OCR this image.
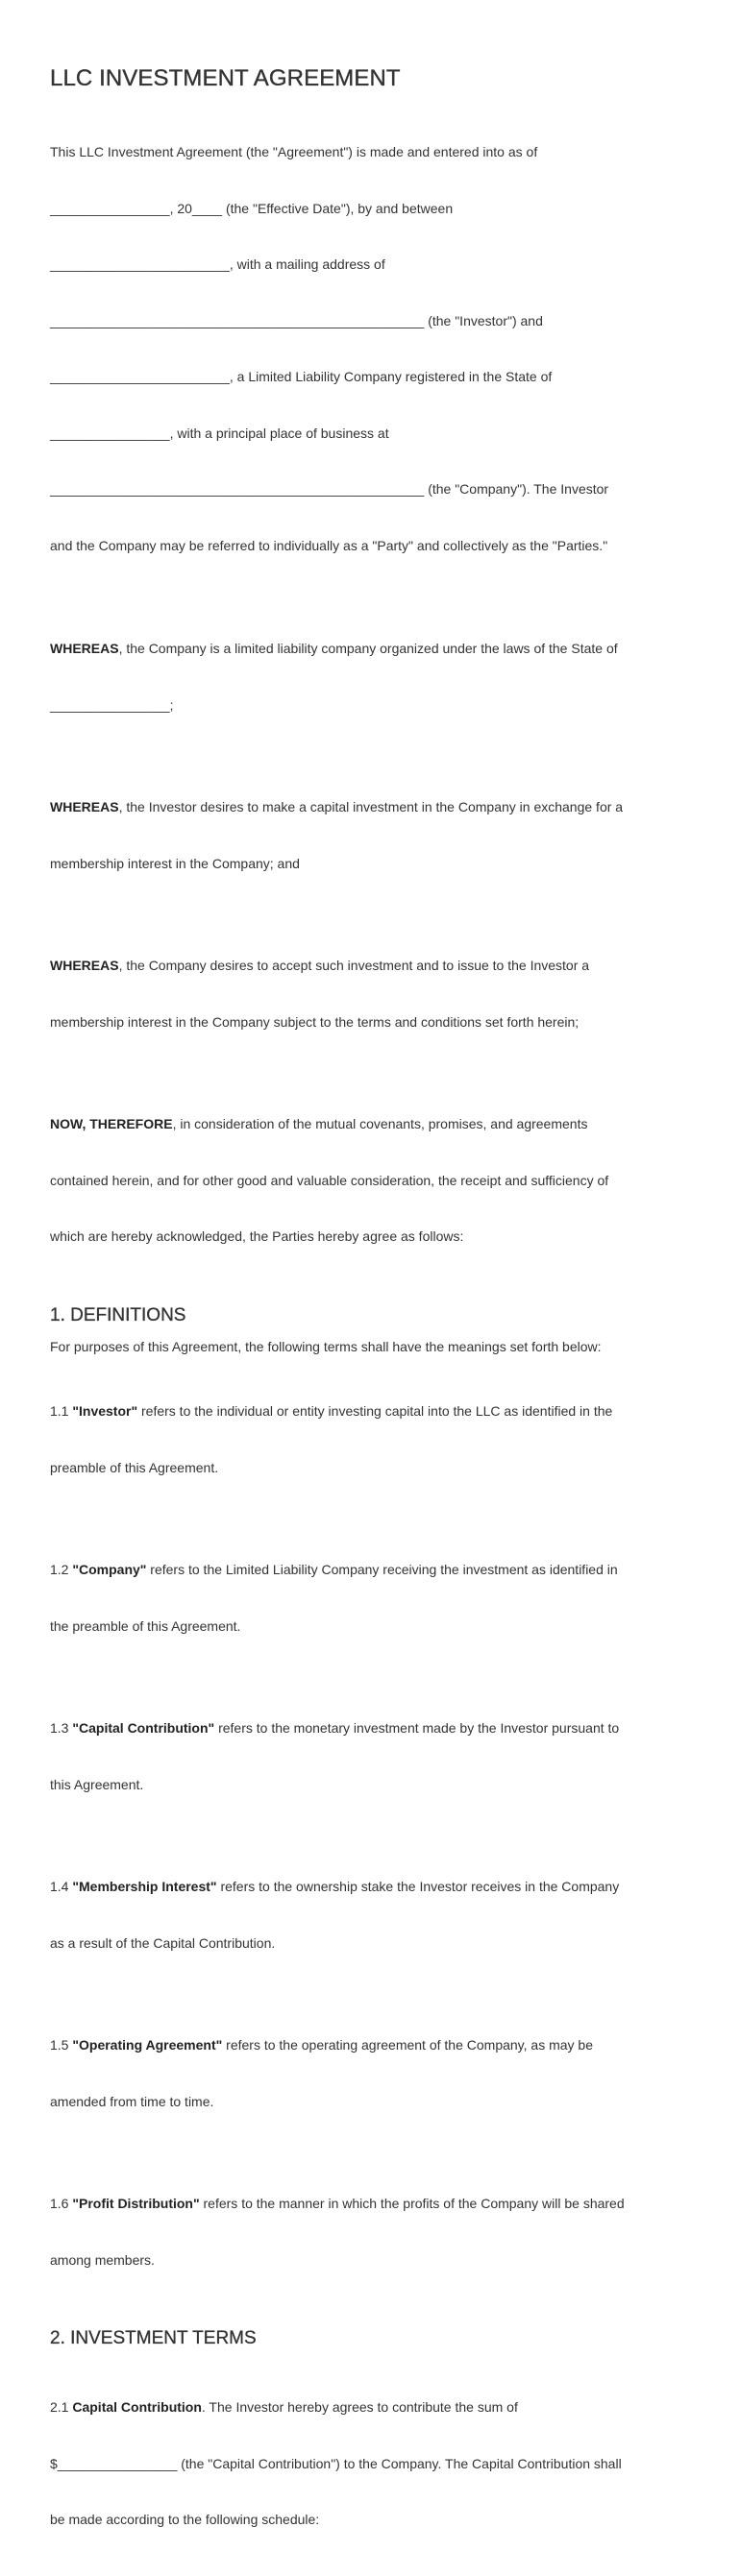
LLC INVESTMENT AGREEMENT

This LLC Investment Agreement (the "Agreement") is made and entered into as of

________________, 20____ (the "Effective Date"), by and between

________________________, with a mailing address of

__________________________________________________ (the "Investor") and

________________________, a Limited Liability Company registered in the State of

________________, with a principal place of business at

__________________________________________________ (the "Company"). The Investor

and the Company may be referred to individually as a "Party" and collectively as the "Parties."

WHEREAS, the Company is a limited liability company organized under the laws of the State of

________________;

WHEREAS, the Investor desires to make a capital investment in the Company in exchange for a

membership interest in the Company; and

WHEREAS, the Company desires to accept such investment and to issue to the Investor a

membership interest in the Company subject to the terms and conditions set forth herein;

NOW, THEREFORE, in consideration of the mutual covenants, promises, and agreements

contained herein, and for other good and valuable consideration, the receipt and sufficiency of

which are hereby acknowledged, the Parties hereby agree as follows:

1. DEFINITIONS
For purposes of this Agreement, the following terms shall have the meanings set forth below:

1.1 "Investor" refers to the individual or entity investing capital into the LLC as identified in the

preamble of this Agreement.

1.2 "Company" refers to the Limited Liability Company receiving the investment as identified in

the preamble of this Agreement.

1.3 "Capital Contribution" refers to the monetary investment made by the Investor pursuant to

this Agreement.

1.4 "Membership Interest" refers to the ownership stake the Investor receives in the Company

as a result of the Capital Contribution.

1.5 "Operating Agreement" refers to the operating agreement of the Company, as may be

amended from time to time.

1.6 "Profit Distribution" refers to the manner in which the profits of the Company will be shared

among members.

2. INVESTMENT TERMS

2.1 Capital Contribution. The Investor hereby agrees to contribute the sum of

$________________ (the "Capital Contribution") to the Company. The Capital Contribution shall

be made according to the following schedule:
